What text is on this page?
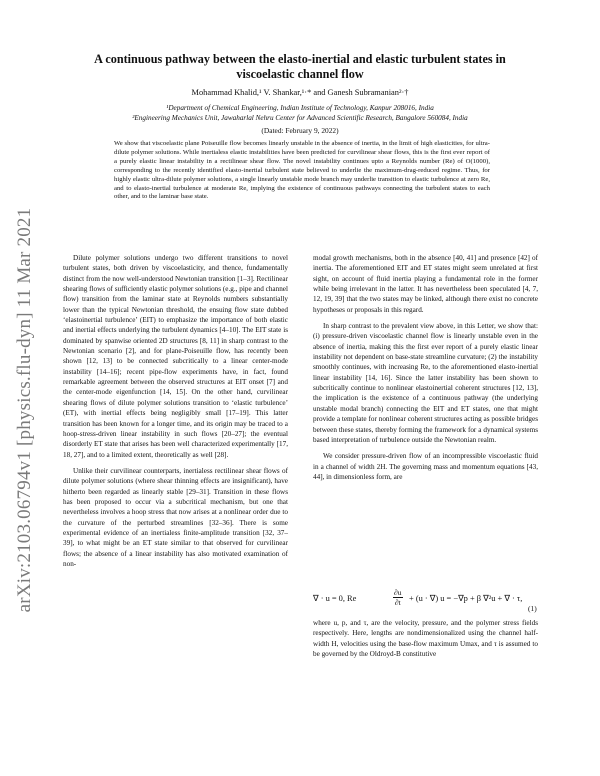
arXiv:2103.06794v1 [physics.flu-dyn] 11 Mar 2021
A continuous pathway between the elasto-inertial and elastic turbulent states in
viscoelastic channel flow
Mohammad Khalid,¹ V. Shankar,¹·* and Ganesh Subramanian²·†
¹Department of Chemical Engineering, Indian Institute of Technology, Kanpur 208016, India
²Engineering Mechanics Unit, Jawaharlal Nehru Center for Advanced Scientific Research, Bangalore 560084, India
(Dated: February 9, 2022)
We show that viscoelastic plane Poiseuille flow becomes linearly unstable in the absence of inertia, in the limit of high elasticities, for ultra-dilute polymer solutions. While inertialess elastic instabilities have been predicted for curvilinear shear flows, this is the first ever report of a purely elastic linear instability in a rectilinear shear flow. The novel instability continues upto a Reynolds number (Re) of O(1000), corresponding to the recently identified elasto-inertial turbulent state believed to underlie the maximum-drag-reduced regime. Thus, for highly elastic ultra-dilute polymer solutions, a single linearly unstable mode branch may underlie transition to elastic turbulence at zero Re, and to elasto-inertial turbulence at moderate Re, implying the existence of continuous pathways connecting the turbulent states to each other, and to the laminar base state.

Dilute polymer solutions undergo two different transitions to novel turbulent states, both driven by viscoelasticity, and thence, fundamentally distinct from the now well-understood Newtonian transition [1–3]. Rectilinear shearing flows of sufficiently elastic polymer solutions (e.g., pipe and channel flow) transition from the laminar state at Reynolds numbers substantially lower than the typical Newtonian threshold, the ensuing flow state dubbed ‘elastoinertial turbulence’ (EIT) to emphasize the importance of both elastic and inertial effects underlying the turbulent dynamics [4–10]. The EIT state is dominated by spanwise oriented 2D structures [8, 11] in sharp contrast to the Newtonian scenario [2], and for plane-Poiseuille flow, has recently been shown [12, 13] to be connected subcritically to a linear center-mode instability [14–16]; recent pipe-flow experiments have, in fact, found remarkable agreement between the observed structures at EIT onset [7] and the center-mode eigenfunction [14, 15]. On the other hand, curvilinear shearing flows of dilute polymer solutions transition to ‘elastic turbulence’ (ET), with inertial effects being negligibly small [17–19]. This latter transition has been known for a longer time, and its origin may be traced to a hoop-stress-driven linear instability in such flows [20–27]; the eventual disorderly ET state that arises has been well characterized experimentally [17, 18, 27], and to a limited extent, theoretically as well [28].

Unlike their curvilinear counterparts, inertialess rectilinear shear flows of dilute polymer solutions (where shear thinning effects are insignificant), have hitherto been regarded as linearly stable [29–31]. Transition in these flows has been proposed to occur via a subcritical mechanism, but one that nevertheless involves a hoop stress that now arises at a nonlinear order due to the curvature of the perturbed streamlines [32–36]. There is some experimental evidence of an inertialess finite-amplitude transition [32, 37–39], to what might be an ET state similar to that observed for curvilinear flows; the absence of a linear instability has also motivated examination of non-

modal growth mechanisms, both in the absence [40, 41] and presence [42] of inertia. The aforementioned EIT and ET states might seem unrelated at first sight, on account of fluid inertia playing a fundamental role in the former while being irrelevant in the latter. It has nevertheless been speculated [4, 7, 12, 19, 39] that the two states may be linked, although there exist no concrete hypotheses or proposals in this regard.

In sharp contrast to the prevalent view above, in this Letter, we show that: (i) pressure-driven viscoelastic channel flow is linearly unstable even in the absence of inertia, making this the first ever report of a purely elastic linear instability not dependent on base-state streamline curvature; (2) the instability smoothly continues, with increasing Re, to the aforementioned elasto-inertial linear instability [14, 16]. Since the latter instability has been shown to subcritically continue to nonlinear elastoinertial coherent structures [12, 13], the implication is the existence of a continuous pathway (the underlying unstable modal branch) connecting the EIT and ET states, one that might provide a template for nonlinear coherent structures acting as possible bridges between these states, thereby forming the framework for a dynamical systems based interpretation of turbulence outside the Newtonian realm.

We consider pressure-driven flow of an incompressible viscoelastic fluid in a channel of width 2H. The governing mass and momentum equations [43, 44], in dimensionless form, are

∇ · u = 0, Re	$\frac{\partial u}{\partial t} + (u$ · ∇) u = −∇p + β ∇²u + ∇ · τ,
(1)
where u, p, and τ, are the velocity, pressure, and the polymer stress fields respectively. Here, lengths are nondimensionalized using the channel half-width H, velocities using the base-flow maximum Umax, and τ is assumed to be governed by the Oldroyd-B constitutive
